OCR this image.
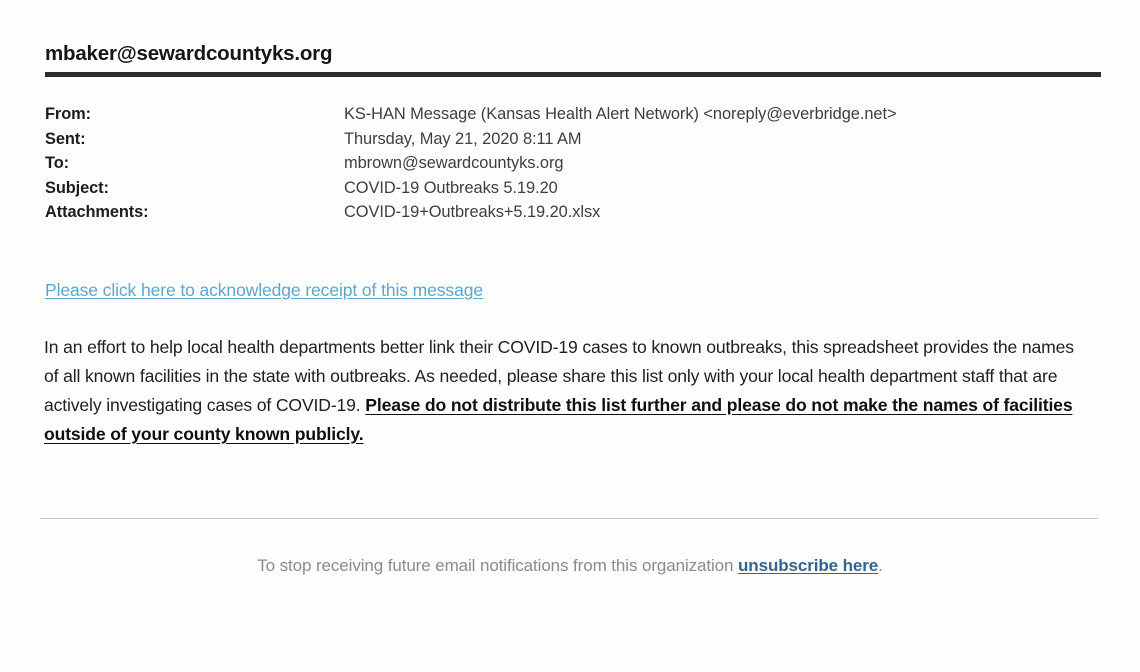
mbaker@sewardcountyks.org
From:	KS-HAN Message (Kansas Health Alert Network) <noreply@everbridge.net>
Sent:	Thursday, May 21, 2020 8:11 AM
To:	mbrown@sewardcountyks.org
Subject:	COVID-19 Outbreaks 5.19.20
Attachments:	COVID-19+Outbreaks+5.19.20.xlsx
Please click here to acknowledge receipt of this message
In an effort to help local health departments better link their COVID-19 cases to known outbreaks, this spreadsheet provides the names of all known facilities in the state with outbreaks. As needed, please share this list only with your local health department staff that are actively investigating cases of COVID-19. Please do not distribute this list further and please do not make the names of facilities outside of your county known publicly.
To stop receiving future email notifications from this organization unsubscribe here.
